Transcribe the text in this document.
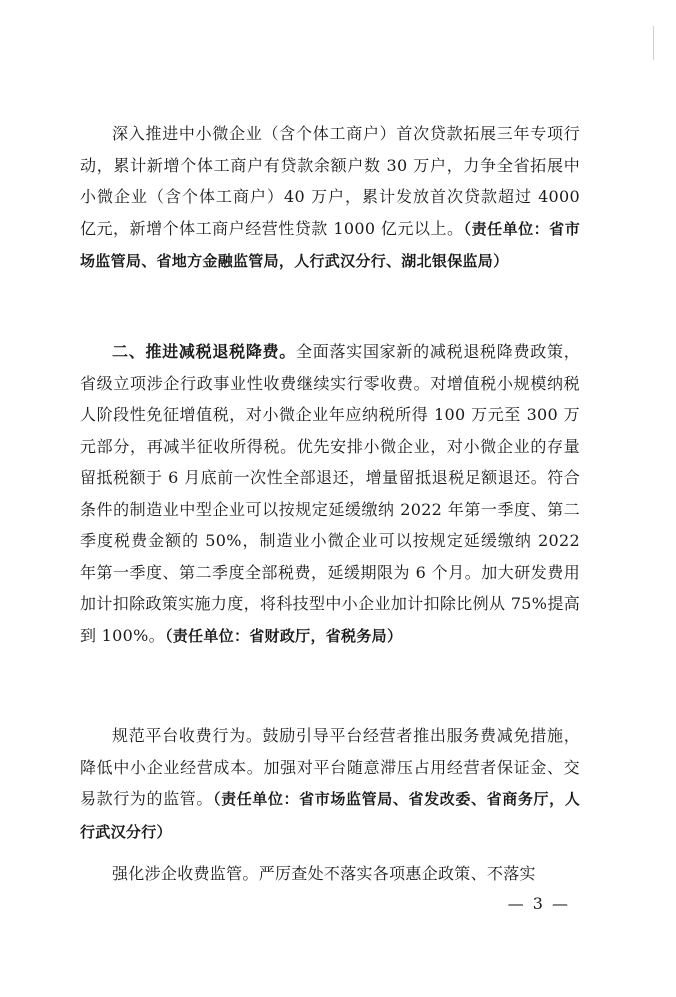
深入推进中小微企业（含个体工商户）首次贷款拓展三年专项行动，累计新增个体工商户有贷款余额户数 30 万户，力争全省拓展中小微企业（含个体工商户）40 万户，累计发放首次贷款超过 4000 亿元，新增个体工商户经营性贷款 1000 亿元以上。（责任单位：省市场监管局、省地方金融监管局，人行武汉分行、湖北银保监局）

二、推进减税退税降费。全面落实国家新的减税退税降费政策，省级立项涉企行政事业性收费继续实行零收费。对增值税小规模纳税人阶段性免征增值税，对小微企业年应纳税所得 100 万元至 300 万元部分，再减半征收所得税。优先安排小微企业，对小微企业的存量留抵税额于 6 月底前一次性全部退还，增量留抵退税足额退还。符合条件的制造业中型企业可以按规定延缓缴纳 2022 年第一季度、第二季度税费金额的 50%，制造业小微企业可以按规定延缓缴纳 2022 年第一季度、第二季度全部税费，延缓期限为 6 个月。加大研发费用加计扣除政策实施力度，将科技型中小企业加计扣除比例从 75%提高到 100%。（责任单位：省财政厅，省税务局）

规范平台收费行为。鼓励引导平台经营者推出服务费减免措施，降低中小企业经营成本。加强对平台随意滞压占用经营者保证金、交易款行为的监管。（责任单位：省市场监管局、省发改委、省商务厅，人行武汉分行）

强化涉企收费监管。严厉查处不落实各项惠企政策、不落实

— 3 —
